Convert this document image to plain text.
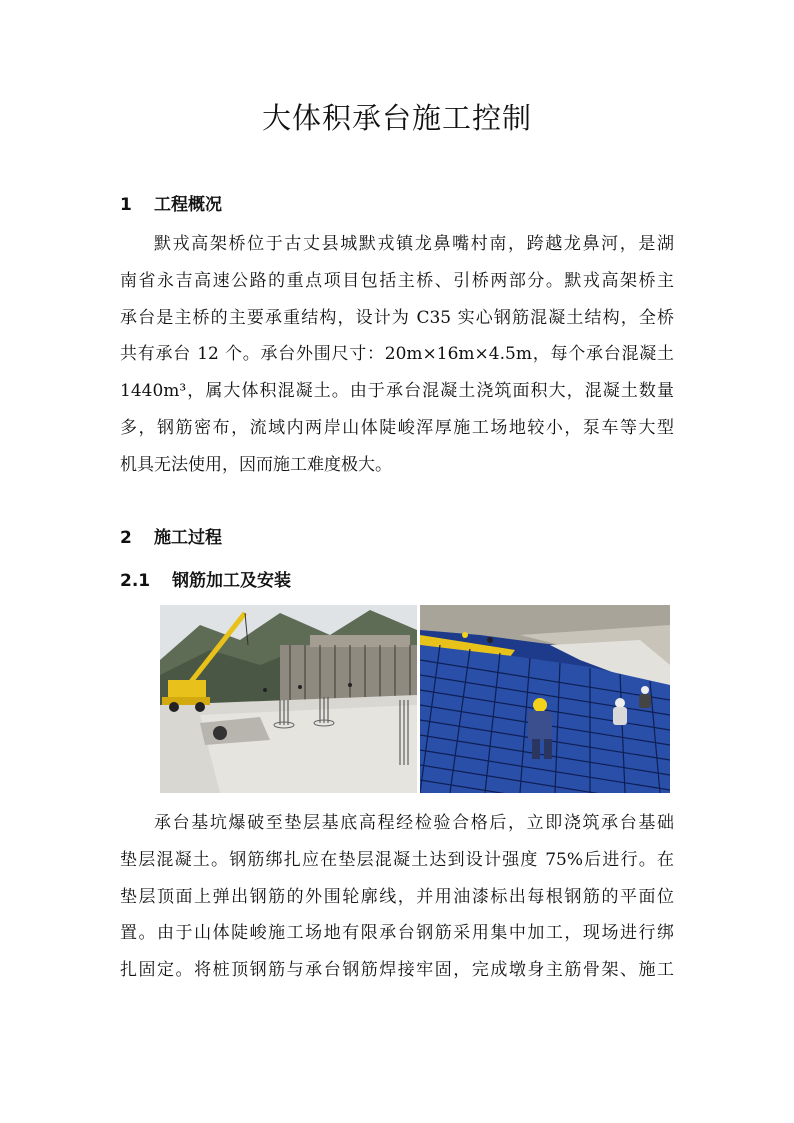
大体积承台施工控制
1 工程概况
默戎高架桥位于古丈县城默戎镇龙鼻嘴村南，跨越龙鼻河，是湖
南省永吉高速公路的重点项目包括主桥、引桥两部分。默戎高架桥主
承台是主桥的主要承重结构，设计为 C35 实心钢筋混凝土结构，全桥
共有承台 12 个。承台外围尺寸：20m×16m×4.5m，每个承台混凝土
1440m³，属大体积混凝土。由于承台混凝土浇筑面积大，混凝土数量
多，钢筋密布，流域内两岸山体陡峻浑厚施工场地较小，泵车等大型
机具无法使用，因而施工难度极大。
2 施工过程
2.1 钢筋加工及安装
承台基坑爆破至垫层基底高程经检验合格后，立即浇筑承台基础
垫层混凝土。钢筋绑扎应在垫层混凝土达到设计强度 75%后进行。在
垫层顶面上弹出钢筋的外围轮廓线，并用油漆标出每根钢筋的平面位
置。由于山体陡峻施工场地有限承台钢筋采用集中加工，现场进行绑
扎固定。将桩顶钢筋与承台钢筋焊接牢固，完成墩身主筋骨架、施工
